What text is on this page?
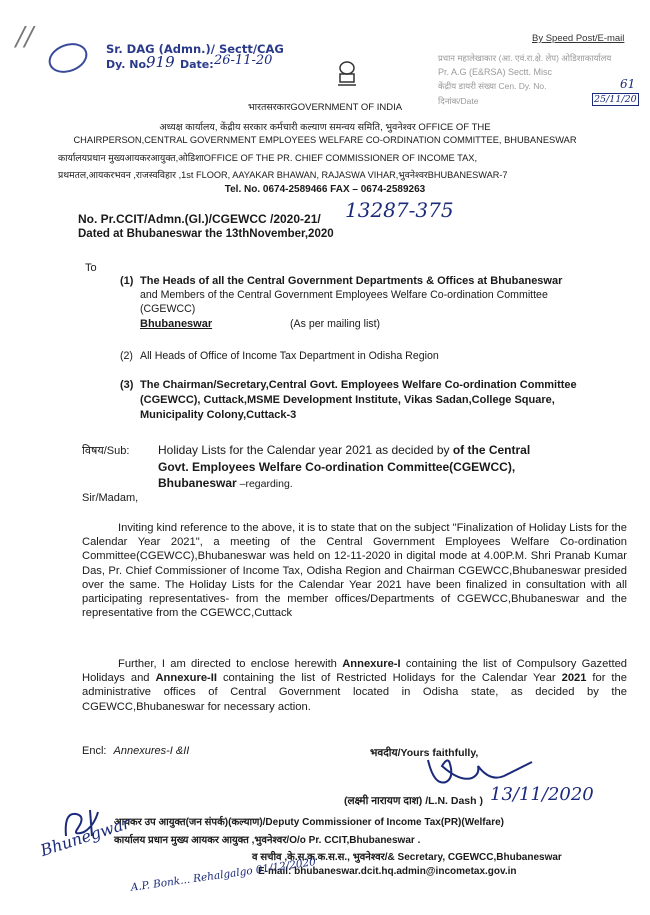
//	Sr. DAG (Admn.)/ Sectt/CAG
Dy. No.
919 Date: 26-11-20
By Speed Post/E-mail
प्रधान महालेखाकार (आ. एवं.रा.क्षे. लेप) ओडिशाकार्यालय
Pr. A.G (E&RSA) Sectt. Misc
केंद्रीय डायरी संख्या Cen. Dy. No.	61
दिनांक/Date	25/11/20
भारतसरकारGOVERNMENT OF INDIA
अध्यक्ष कार्यालय, केंद्रीय सरकार कर्मचारी कल्याण समन्वय समिति, भुवनेश्वर OFFICE OF THE
CHAIRPERSON,CENTRAL GOVERNMENT EMPLOYEES WELFARE CO-ORDINATION COMMITTEE, BHUBANESWAR
कार्यालयप्रधान मुख्यआयकरआयुक्त,ओडिशाOFFICE OF THE PR. CHIEF COMMISSIONER OF INCOME TAX,
प्रथमतल,आयकरभवन ,राजस्वविहार ,1st FLOOR, AAYAKAR BHAWAN, RAJASWA VIHAR,भुवनेश्वरBHUBANESWAR-7
Tel. No. 0674-2589466 FAX – 0674-2589263
No. Pr.CCIT/Admn.(Gl.)/CGEWCC /2020-21/ 13287-375
Dated at Bhubaneswar the 13thNovember,2020
To
(1) The Heads of all the Central Government Departments & Offices at Bhubaneswar
and Members of the Central Government Employees Welfare Co-ordination Committee
(CGEWCC)
Bhubaneswar	(As per mailing list)
(2) All Heads of Office of Income Tax Department in Odisha Region
(3) The Chairman/Secretary,Central Govt. Employees Welfare Co-ordination Committee
(CGEWCC), Cuttack,MSME Development Institute, Vikas Sadan,College Square,
Municipality Colony,Cuttack-3
विषय/Sub: Holiday Lists for the Calendar year 2021 as decided by of the Central
Govt. Employees Welfare Co-ordination Committee(CGEWCC),
Bhubaneswar –regarding.
Sir/Madam,
Inviting kind reference to the above, it is to state that on the subject "Finalization of Holiday Lists for the Calendar Year 2021", a meeting of the Central Government Employees Welfare Co-ordination Committee(CGEWCC),Bhubaneswar was held on 12-11-2020 in digital mode at 4.00P.M. Shri Pranab Kumar Das, Pr. Chief Commissioner of Income Tax, Odisha Region and Chairman CGEWCC,Bhubaneswar presided over the same. The Holiday Lists for the Calendar Year 2021 have been finalized in consultation with all participating representatives- from the member offices/Departments of CGEWCC,Bhubaneswar and the representative from the CGEWCC,Cuttack
Further, I am directed to enclose herewith Annexure-I containing the list of Compulsory Gazetted Holidays and Annexure-II containing the list of Restricted Holidays for the Calendar Year 2021 for the administrative offices of Central Government located in Odisha state, as decided by the CGEWCC,Bhubaneswar for necessary action.
Encl: Annexures-I &II	भवदीय/Yours faithfully,
13/11/2020
(लक्ष्मी नारायण दाश) /L.N. Dash )
आयकर उप आयुक्त(जन संपर्क)(कल्याण)/Deputy Commissioner of Income Tax(PR)(Welfare)
कार्यालय प्रधान मुख्य आयकर आयुक्त ,भुवनेश्वर/O/o Pr. CCIT,Bhubaneswar .
व सचीव ,के.स.क.क.स.स., भुवनेश्वर/& Secretary, CGEWCC,Bhubaneswar
E-mail: bhubaneswar.dcit.hq.admin@incometax.gov.in
Bhunegwar
A.P. Bonk... Rehalgalgo 01/12/2020
